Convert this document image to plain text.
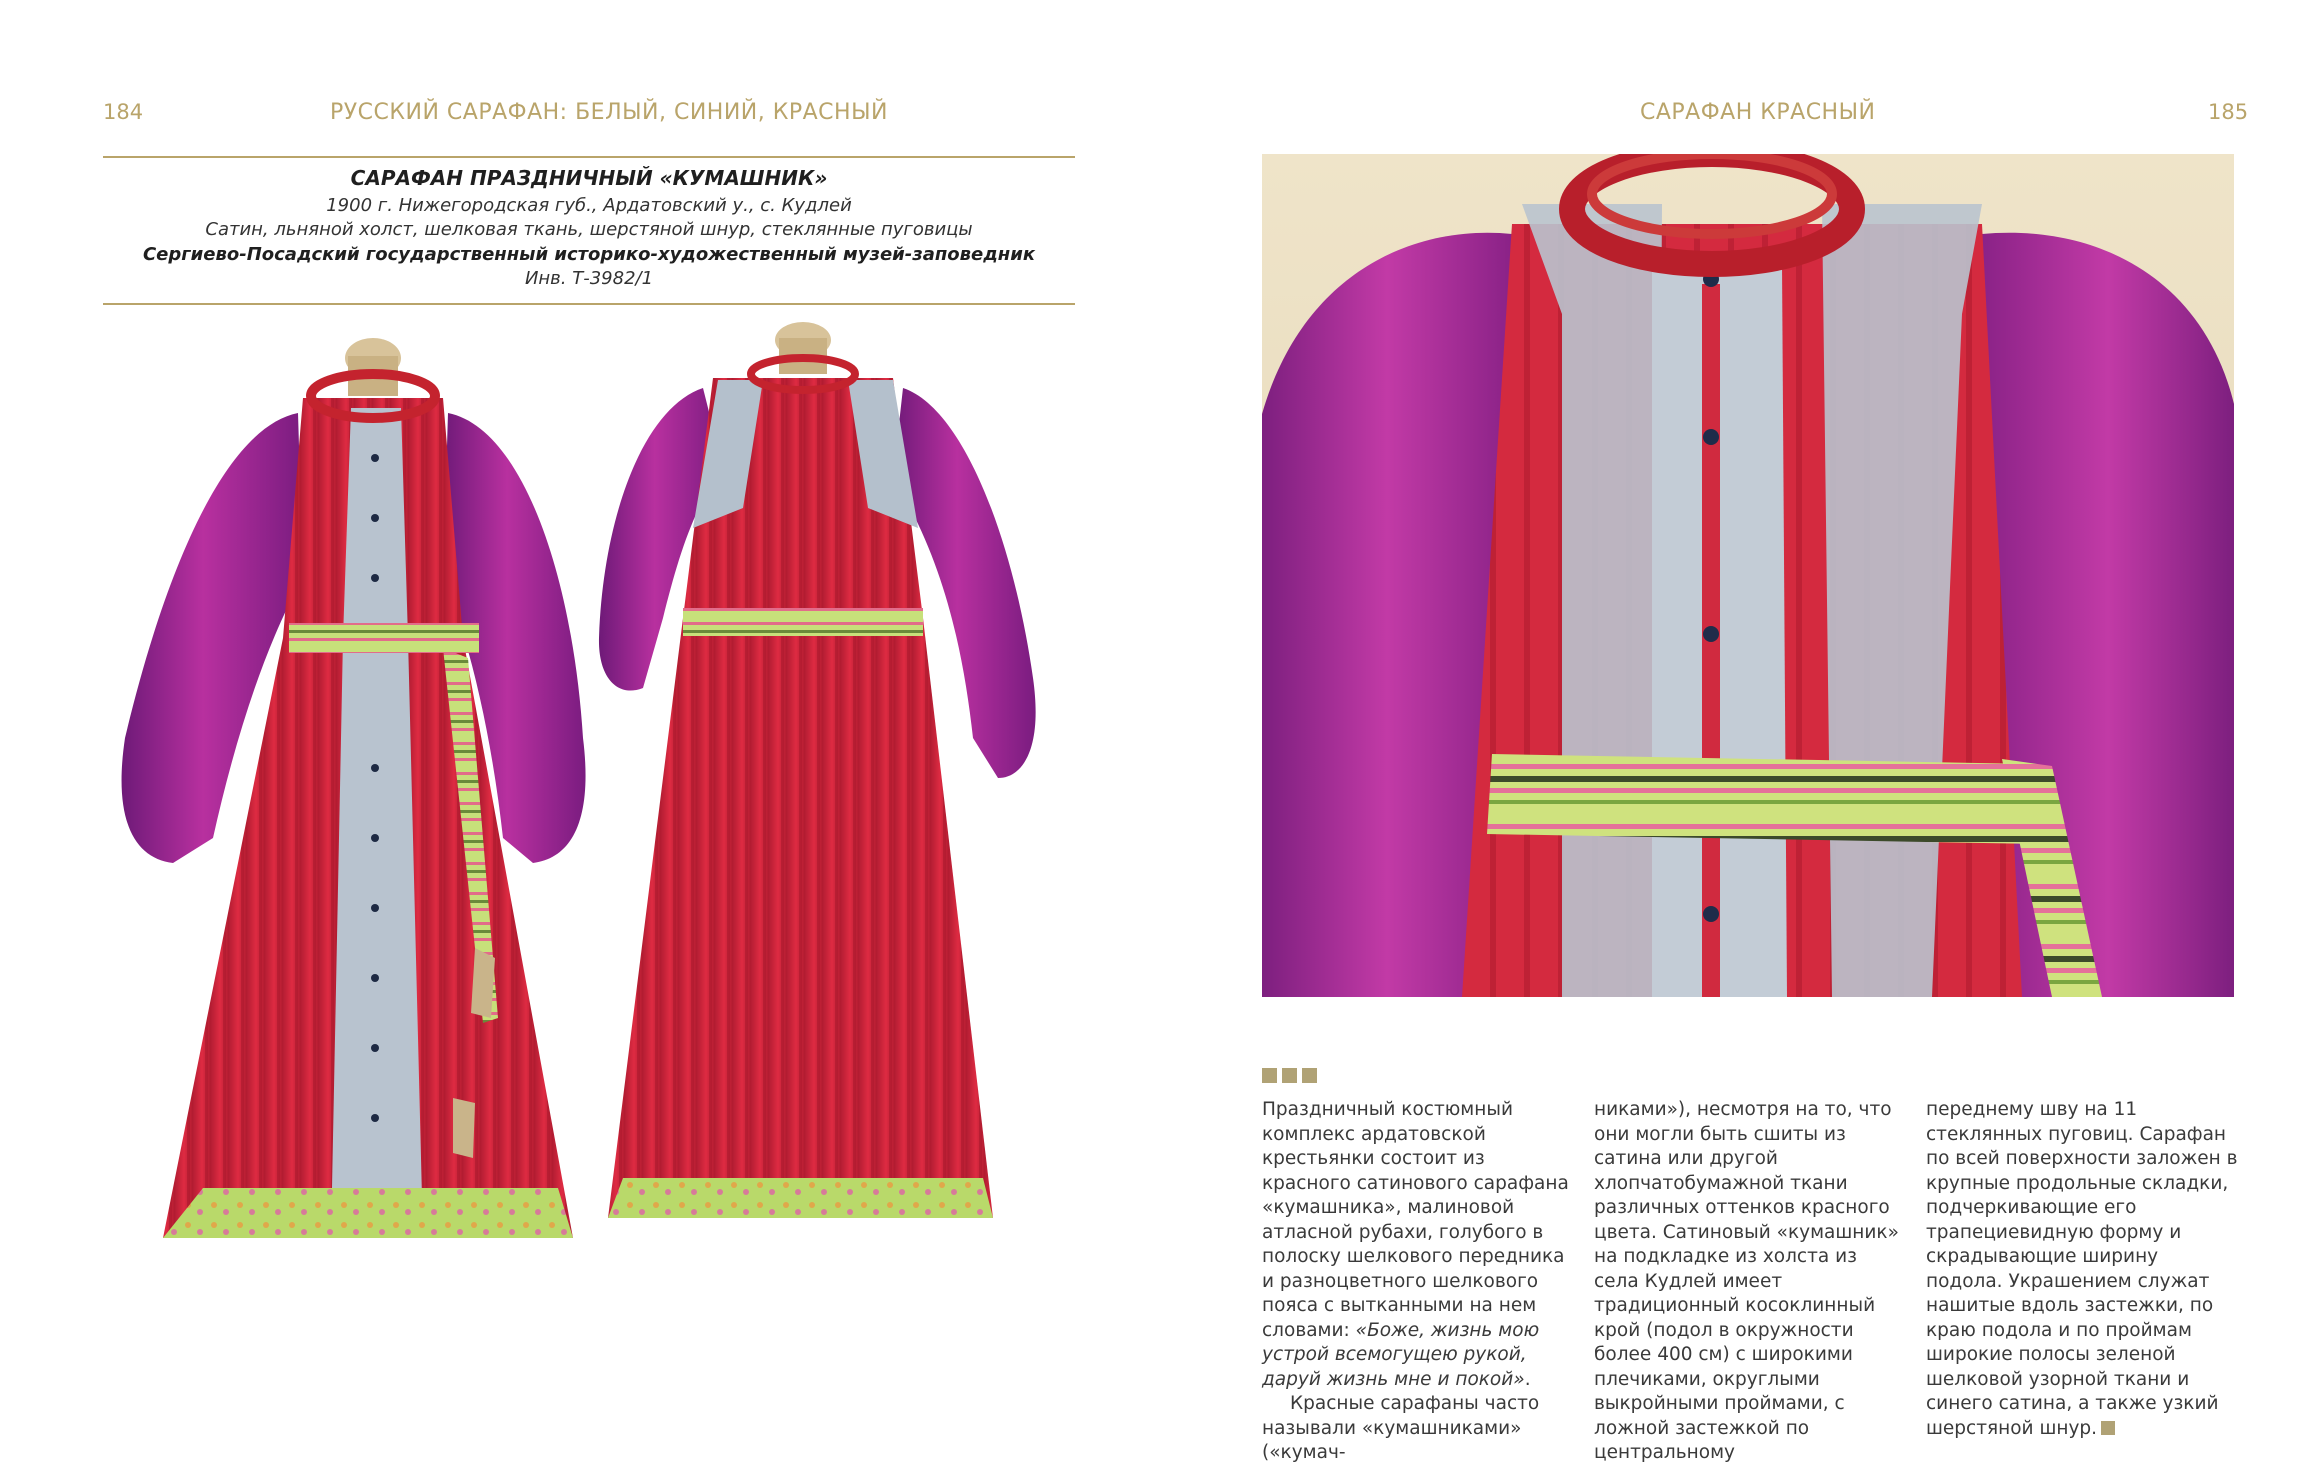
184	РУССКИЙ САРАФАН: БЕЛЫЙ, СИНИЙ, КРАСНЫЙ	САРАФАН КРАСНЫЙ	185
САРАФАН ПРАЗДНИЧНЫЙ «КУМАШНИК»
1900 г. Нижегородская губ., Ардатовский у., с. Кудлей
Сатин, льняной холст, шелковая ткань, шерстяной шнур, стеклянные пуговицы
Сергиево-Посадский государственный историко-художественный музей-заповедник
Инв. Т-3982/1

Праздничный костюмный комплекс ардатовской крестьянки состоит из красного сатинового сарафана «кумашника», малиновой атласной рубахи, голубого в полоску шелкового передника и разноцветного шелкового пояса с вытканными на нем словами: «Боже, жизнь мою устрой всемогущею рукой, даруй жизнь мне и покой».

Красные сарафаны часто называли «кумашниками» («кумач-

никами»), несмотря на то, что они могли быть сшиты из сатина или другой хлопчатобумажной ткани различных оттенков красного цвета. Сатиновый «кумашник» на подкладке из холста из села Кудлей имеет традиционный косоклинный крой (подол в окружности более 400 см) с широкими плечиками, округлыми выкройными проймами, с ложной застежкой по центральному

переднему шву на 11 стеклянных пуговиц. Сарафан по всей поверхности заложен в крупные продольные складки, подчеркивающие его трапециевидную форму и скрадывающие ширину подола. Украшением служат нашитые вдоль застежки, по краю подола и по проймам широкие полосы зеленой шелковой узорной ткани и синего сатина, а также узкий шерстяной шнур.
